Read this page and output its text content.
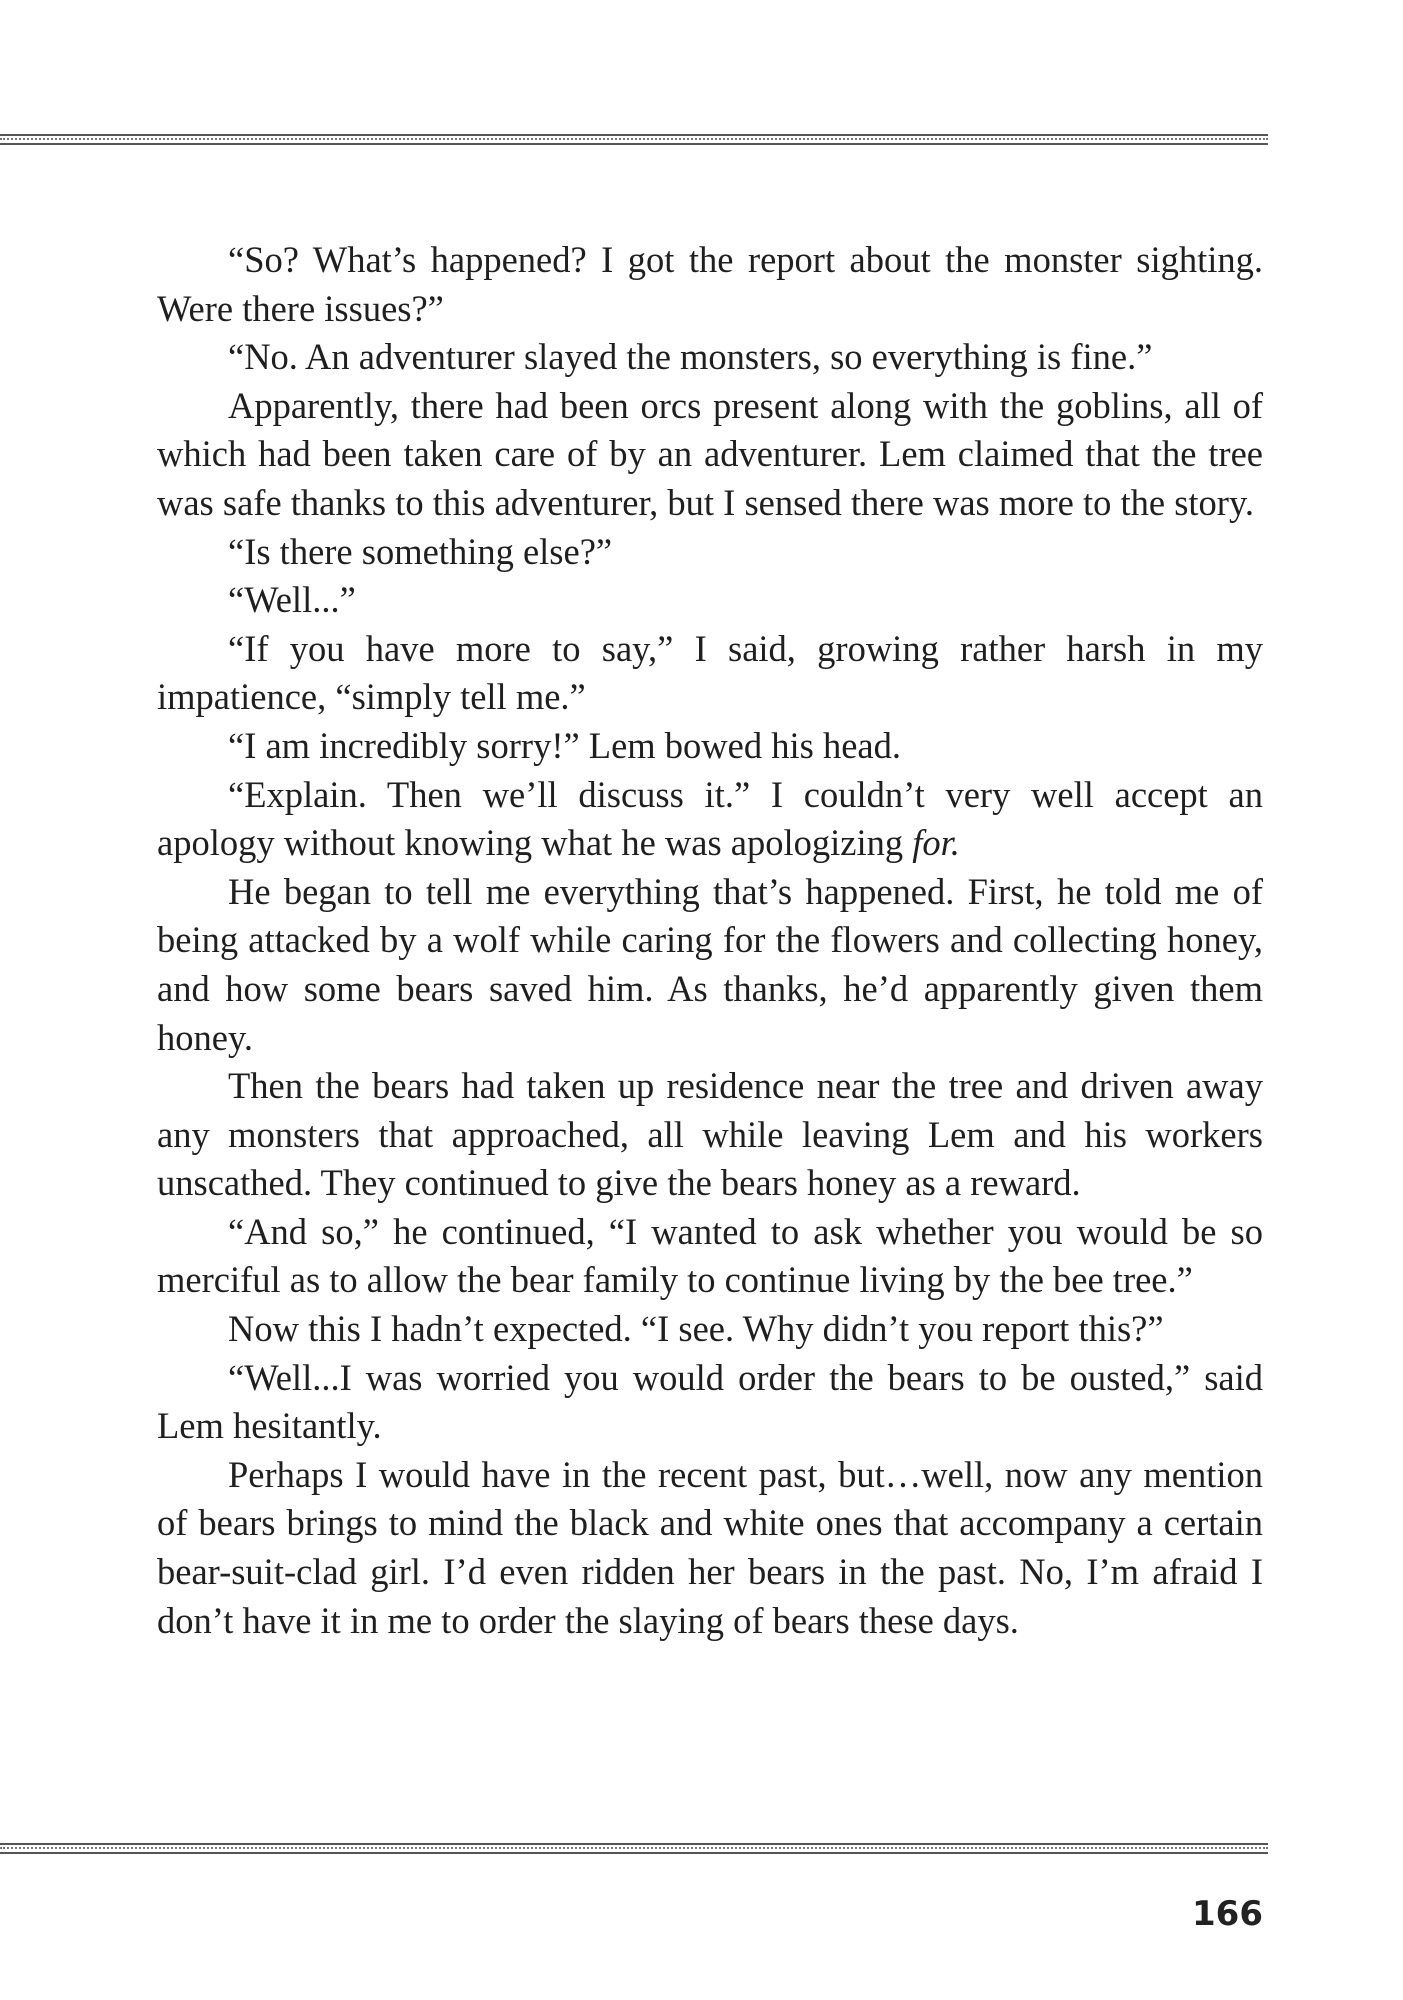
“So? What’s happened? I got the report about the monster sighting. Were there issues?”

“No. An adventurer slayed the monsters, so everything is fine.”

Apparently, there had been orcs present along with the goblins, all of which had been taken care of by an adventurer. Lem claimed that the tree was safe thanks to this adventurer, but I sensed there was more to the story.

“Is there something else?”

“Well...”

“If you have more to say,” I said, growing rather harsh in my impatience, “simply tell me.”

“I am incredibly sorry!” Lem bowed his head.

“Explain. Then we’ll discuss it.” I couldn’t very well accept an apology without knowing what he was apologizing for.

He began to tell me everything that’s happened. First, he told me of being attacked by a wolf while caring for the flowers and collecting honey, and how some bears saved him. As thanks, he’d apparently given them honey.

Then the bears had taken up residence near the tree and driven away any monsters that approached, all while leaving Lem and his workers unscathed. They continued to give the bears honey as a reward.

“And so,” he continued, “I wanted to ask whether you would be so merciful as to allow the bear family to continue living by the bee tree.”

Now this I hadn’t expected. “I see. Why didn’t you report this?”

“Well...I was worried you would order the bears to be ousted,” said Lem hesitantly.

Perhaps I would have in the recent past, but…well, now any mention of bears brings to mind the black and white ones that accompany a certain bear-suit-clad girl. I’d even ridden her bears in the past. No, I’m afraid I don’t have it in me to order the slaying of bears these days.

166
